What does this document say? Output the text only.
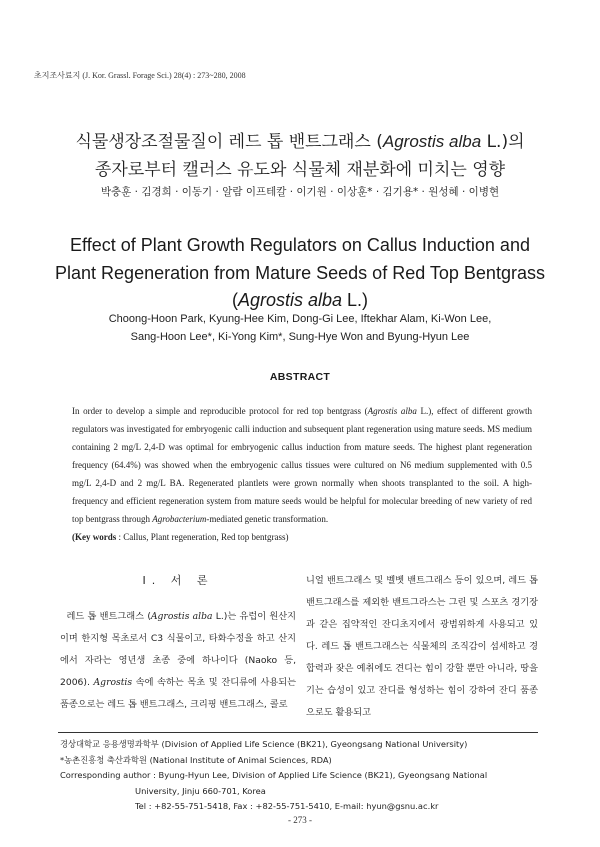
초지조사료지 (J. Kor. Grassl. Forage Sci.) 28(4) : 273~280, 2008
식물생장조절물질이 레드 톱 밴트그래스 (Agrostis alba L.)의
종자로부터 캘러스 유도와 식물체 재분화에 미치는 영향
박충훈 · 김경희 · 이동기 · 알람 이프테칼 · 이기원 · 이상훈* · 김기용* · 원성혜 · 이병현
Effect of Plant Growth Regulators on Callus Induction and
Plant Regeneration from Mature Seeds of Red Top Bentgrass
(Agrostis alba L.)
Choong-Hoon Park, Kyung-Hee Kim, Dong-Gi Lee, Iftekhar Alam, Ki-Won Lee,
Sang-Hoon Lee*, Ki-Yong Kim*, Sung-Hye Won and Byung-Hyun Lee
ABSTRACT
In order to develop a simple and reproducible protocol for red top bentgrass (Agrostis alba L.), effect of different growth regulators was investigated for embryogenic calli induction and subsequent plant regeneration using mature seeds. MS medium containing 2 mg/L 2,4-D was optimal for embryogenic callus induction from mature seeds. The highest plant regeneration frequency (64.4%) was showed when the embryogenic callus tissues were cultured on N6 medium supplemented with 0.5 mg/L 2,4-D and 2 mg/L BA. Regenerated plantlets were grown normally when shoots transplanted to the soil. A high-frequency and efficient regeneration system from mature seeds would be helpful for molecular breeding of new variety of red top bentgrass through Agrobacterium-mediated genetic transformation.
(Key words : Callus, Plant regeneration, Red top bentgrass)
I. 서 론

레드 톱 밴트그래스 (Agrostis alba L.)는 유럽이 원산지이며 한지형 목초로서 C3 식물이고, 타화수정을 하고 산지에서 자라는 영년생 초종 중에 하나이다 (Naoko 등, 2006). Agrostis 속에 속하는 목초 및 잔디류에 사용되는 품종으로는 레드 톱 밴트그래스, 크리핑 밴트그래스, 콜로

니얼 밴트그래스 및 벨벳 밴트그래스 등이 있으며, 레드 톱 밴트그래스를 제외한 밴트그라스는 그린 및 스포츠 경기장과 같은 집약적인 잔디초지에서 광범위하게 사용되고 있다. 레드 톱 밴트그래스는 식물체의 조직감이 섬세하고 경합력과 잦은 예취에도 견디는 힘이 강할 뿐만 아니라, 땅을 기는 습성이 있고 잔디를 형성하는 힘이 강하여 잔디 품종으로도 활용되고

경상대학교 응용생명과학부 (Division of Applied Life Science (BK21), Gyeongsang National University)
*농촌진흥청 축산과학원 (National Institute of Animal Sciences, RDA)
Corresponding author : Byung-Hyun Lee, Division of Applied Life Science (BK21), Gyeongsang National
University, Jinju 660-701, Korea
Tel : +82-55-751-5418, Fax : +82-55-751-5410, E-mail: hyun@gsnu.ac.kr
- 273 -
